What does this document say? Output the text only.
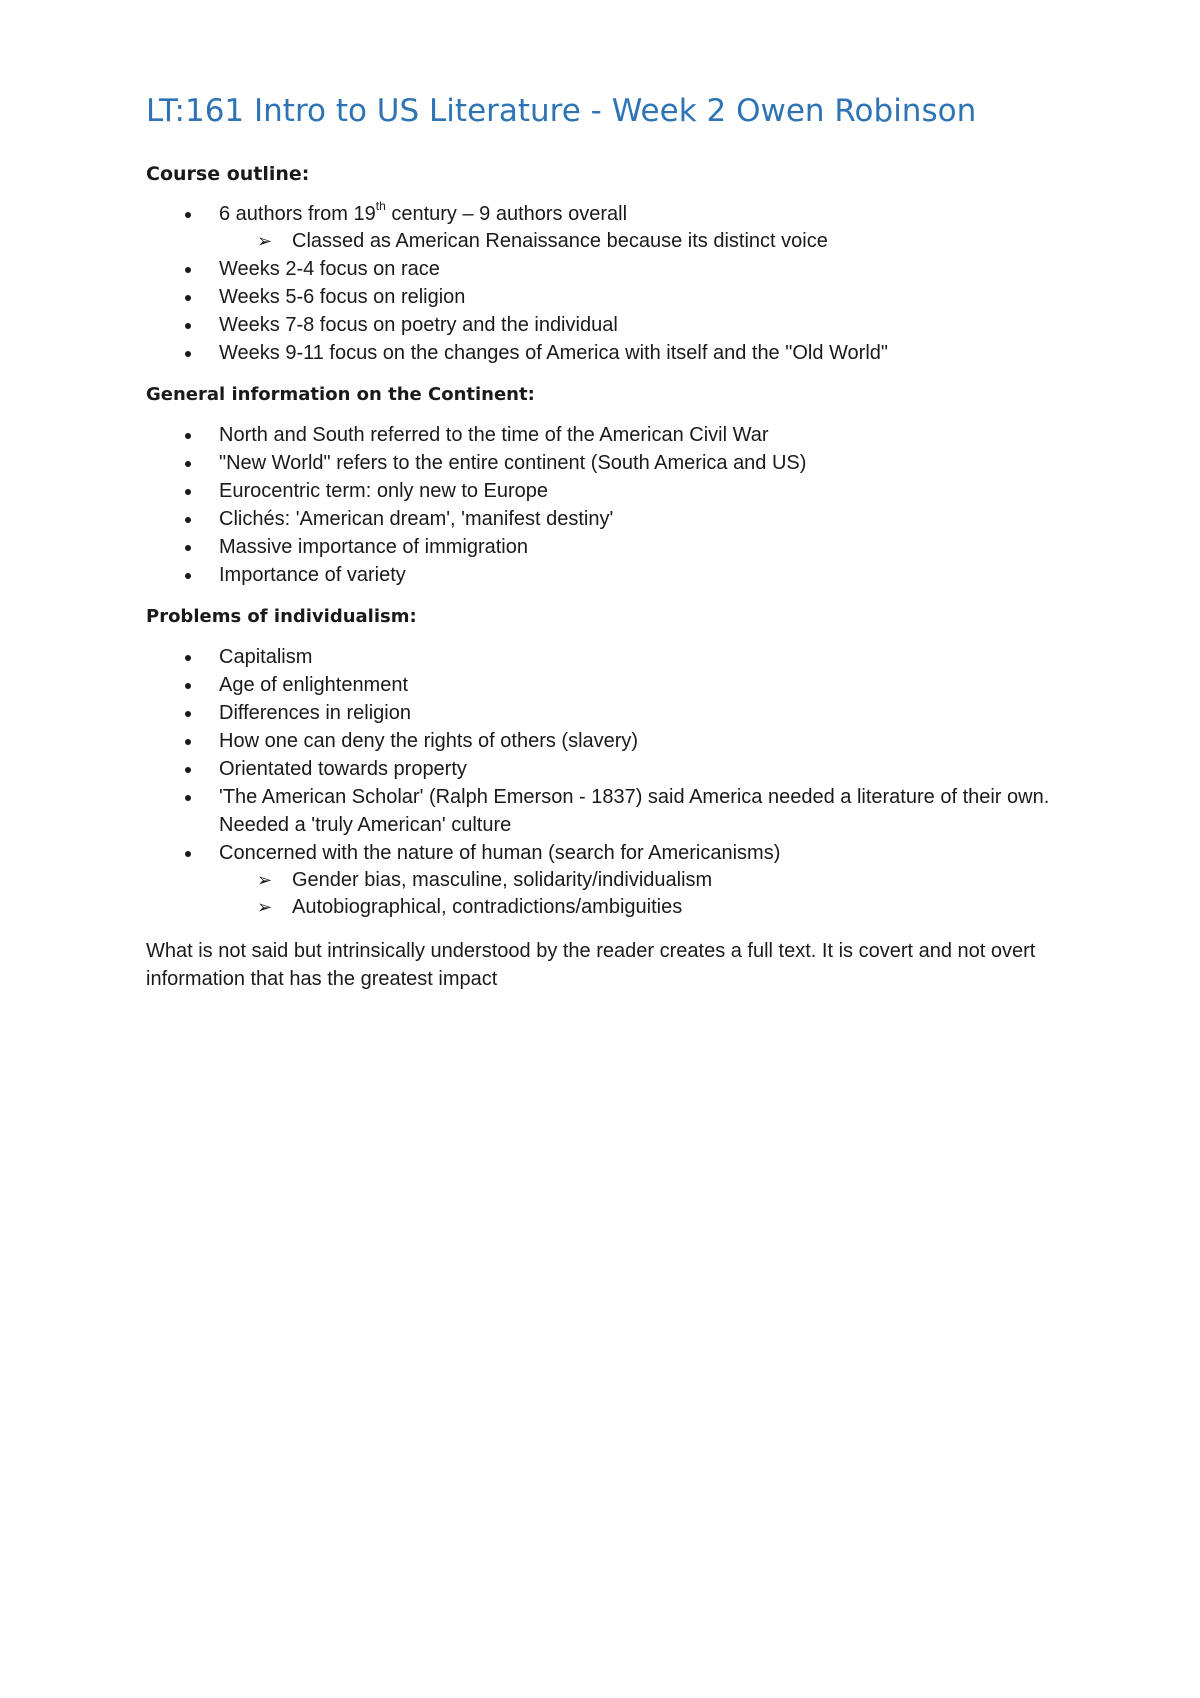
LT:161 Intro to US Literature - Week 2 Owen Robinson
Course outline:
6 authors from 19th century – 9 authors overall
➢ Classed as American Renaissance because its distinct voice
Weeks 2-4 focus on race
Weeks 5-6 focus on religion
Weeks 7-8 focus on poetry and the individual
Weeks 9-11 focus on the changes of America with itself and the "Old World"
General information on the Continent:
North and South referred to the time of the American Civil War
"New World" refers to the entire continent (South America and US)
Eurocentric term: only new to Europe
Clichés: 'American dream', 'manifest destiny'
Massive importance of immigration
Importance of variety
Problems of individualism:
Capitalism
Age of enlightenment
Differences in religion
How one can deny the rights of others (slavery)
Orientated towards property
'The American Scholar' (Ralph Emerson - 1837) said America needed a literature of their own. Needed a 'truly American' culture
Concerned with the nature of human (search for Americanisms)
➢ Gender bias, masculine, solidarity/individualism
➢ Autobiographical, contradictions/ambiguities

What is not said but intrinsically understood by the reader creates a full text. It is covert and not overt information that has the greatest impact
